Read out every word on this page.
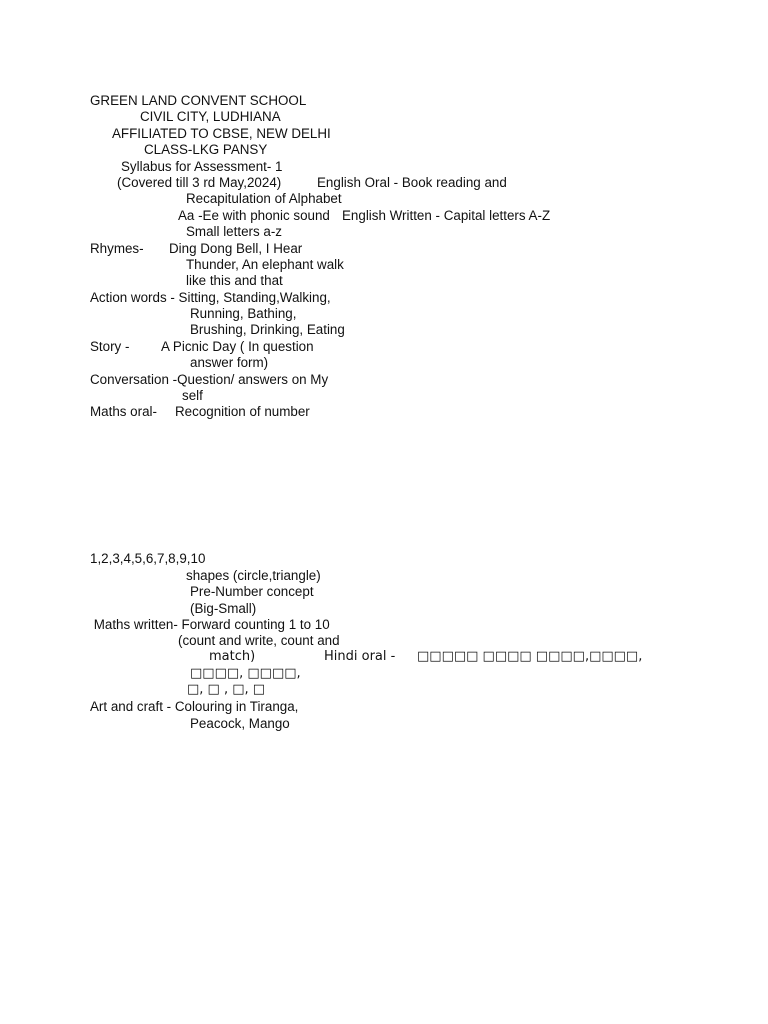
GREEN LAND CONVENT SCHOOL
CIVIL CITY, LUDHIANA
AFFILIATED TO CBSE, NEW DELHI
CLASS-LKG PANSY
Syllabus for Assessment- 1
(Covered till 3 rd May,2024)	English Oral - Book reading and
Recapitulation of Alphabet
Aa -Ee with phonic sound English Written - Capital letters A-Z
Small letters a-z
Rhymes- Ding Dong Bell, I Hear
Thunder, An elephant walk
like this and that
Action words - Sitting, Standing,Walking,
Running, Bathing,
Brushing, Drinking, Eating
Story - A Picnic Day ( In question
answer form)
Conversation -Question/ answers on My
self
Maths oral- Recognition of number
1,2,3,4,5,6,7,8,9,10
shapes (circle,triangle)
Pre-Number concept
(Big-Small)
Maths written- Forward counting 1 to 10
(count and write, count and
match)	Hindi oral - □□□□□ □□□□ □□□□,□□□□,
□□□□, □□□□,
□, □ , □, □
Art and craft - Colouring in Tiranga,
Peacock, Mango
